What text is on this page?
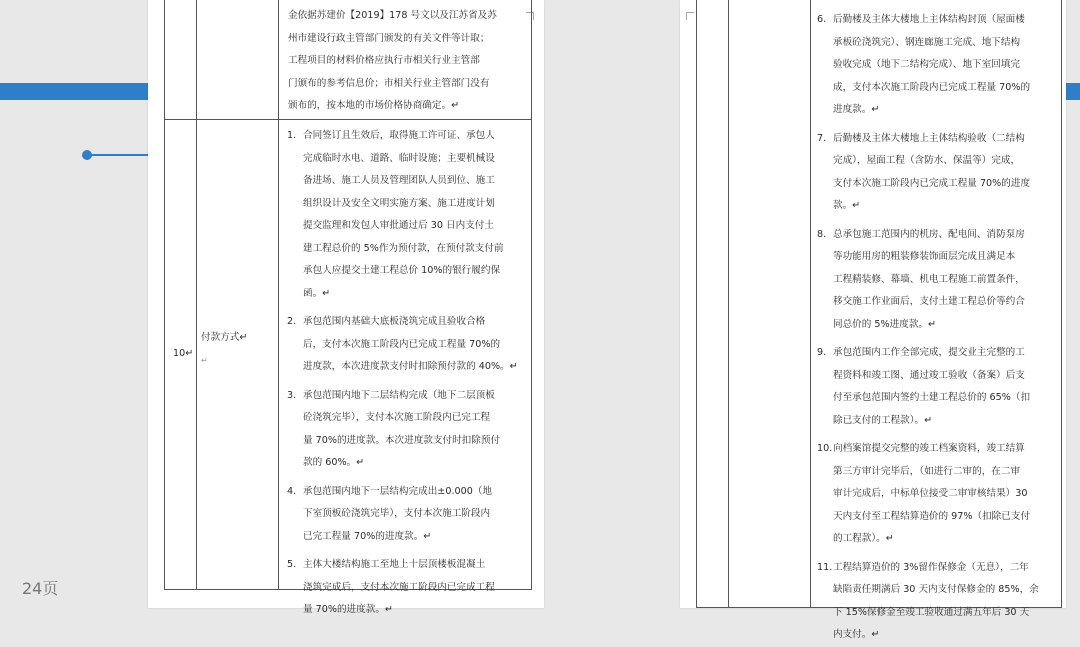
24页
金依据苏建价【2019】178 号文以及江苏省及苏
州市建设行政主管部门颁发的有关文件等计取；
工程项目的材料价格应执行市相关行业主管部
门颁布的参考信息价；市相关行业主管部门没有
颁布的，按本地的市场价格协商确定。↵
10↵
付款方式↵
↵
1. 合同签订且生效后，取得施工许可证、承包人
完成临时水电、道路、临时设施；主要机械设
备进场、施工人员及管理团队人员到位、施工
组织设计及安全文明实施方案、施工进度计划
提交监理和发包人审批通过后 30 日内支付土
建工程总价的 5%作为预付款，在预付款支付前
承包人应提交土建工程总价 10%的银行履约保
函。↵
2. 承包范围内基础大底板浇筑完成且验收合格
后，支付本次施工阶段内已完成工程量 70%的
进度款，本次进度款支付时扣除预付款的 40%。↵
3. 承包范围内地下二层结构完成（地下二层顶板
砼浇筑完毕），支付本次施工阶段内已完工程
量 70%的进度款。本次进度款支付时扣除预付
款的 60%。↵
4. 承包范围内地下一层结构完成出±0.000（地
下室顶板砼浇筑完毕），支付本次施工阶段内
已完工程量 70%的进度款。↵
5. 主体大楼结构施工至地上十层顶楼板混凝土
浇筑完成后，支付本次施工阶段内已完成工程
量 70%的进度款。↵
6. 后勤楼及主体大楼地上主体结构封顶（屋面楼
承板砼浇筑完）、钢连廊施工完成、地下结构
验收完成（地下二结构完成）、地下室回填完
成，支付本次施工阶段内已完成工程量 70%的
进度款。↵
7. 后勤楼及主体大楼地上主体结构验收（二结构
完成），屋面工程（含防水、保温等）完成，
支付本次施工阶段内已完成工程量 70%的进度
款。↵
8. 总承包施工范围内的机房、配电间、消防泵房
等功能用房的粗装修装饰面层完成且满足本
工程精装修、幕墙、机电工程施工前置条件，
移交施工作业面后，支付土建工程总价等约合
同总价的 5%进度款。↵
9. 承包范围内工作全部完成，提交业主完整的工
程资料和竣工图、通过竣工验收（备案）后支
付至承包范围内签约土建工程总价的 65%（扣
除已支付的工程款）。↵
10. 向档案馆提交完整的竣工档案资料，竣工结算
第三方审计完毕后，（如进行二审的，在二审
审计完成后，中标单位接受二审审核结果）30
天内支付至工程结算造价的 97%（扣除已支付
的工程款）。↵
11. 工程结算造价的 3%留作保修金（无息），二年
缺陷责任期满后 30 天内支付保修金的 85%，余
下 15%保修金至竣工验收通过满五年后 30 天
内支付。↵
